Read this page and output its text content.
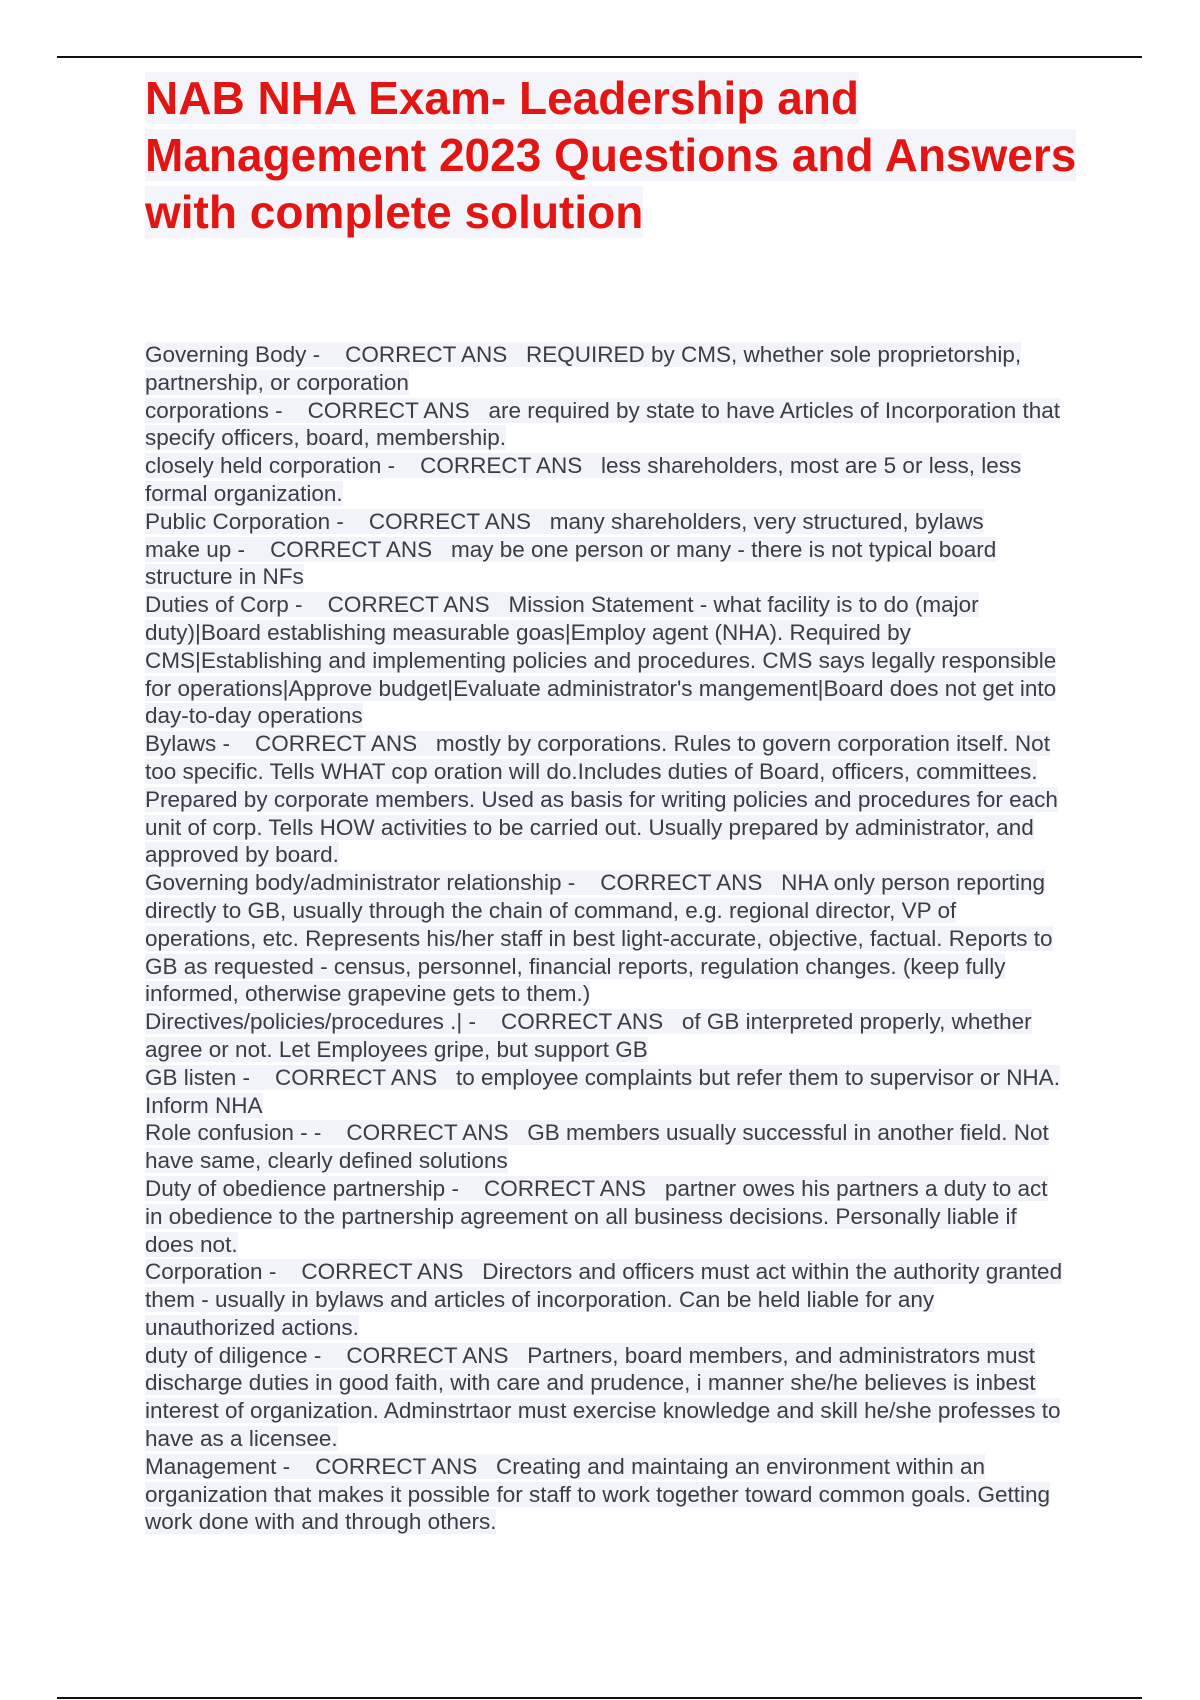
NAB NHA Exam- Leadership and Management 2023 Questions and Answers with complete solution

Governing Body - CORRECT ANS REQUIRED by CMS, whether sole proprietorship, partnership, or corporation

corporations - CORRECT ANS are required by state to have Articles of Incorporation that specify officers, board, membership.

closely held corporation - CORRECT ANS less shareholders, most are 5 or less, less formal organization.

Public Corporation - CORRECT ANS many shareholders, very structured, bylaws

make up - CORRECT ANS may be one person or many - there is not typical board structure in NFs

Duties of Corp - CORRECT ANS Mission Statement - what facility is to do (major duty)|Board establishing measurable goas|Employ agent (NHA). Required by CMS|Establishing and implementing policies and procedures. CMS says legally responsible for operations|Approve budget|Evaluate administrator's mangement|Board does not get into day-to-day operations

Bylaws - CORRECT ANS mostly by corporations. Rules to govern corporation itself. Not too specific. Tells WHAT cop oration will do.Includes duties of Board, officers, committees. Prepared by corporate members. Used as basis for writing policies and procedures for each unit of corp. Tells HOW activities to be carried out. Usually prepared by administrator, and approved by board.

Governing body/administrator relationship - CORRECT ANS NHA only person reporting directly to GB, usually through the chain of command, e.g. regional director, VP of operations, etc. Represents his/her staff in best light-accurate, objective, factual. Reports to GB as requested - census, personnel, financial reports, regulation changes. (keep fully informed, otherwise grapevine gets to them.)

Directives/policies/procedures .| - CORRECT ANS of GB interpreted properly, whether agree or not. Let Employees gripe, but support GB

GB listen - CORRECT ANS to employee complaints but refer them to supervisor or NHA. Inform NHA

Role confusion - - CORRECT ANS GB members usually successful in another field. Not have same, clearly defined solutions

Duty of obedience partnership - CORRECT ANS partner owes his partners a duty to act in obedience to the partnership agreement on all business decisions. Personally liable if does not.

Corporation - CORRECT ANS Directors and officers must act within the authority granted them - usually in bylaws and articles of incorporation. Can be held liable for any unauthorized actions.

duty of diligence - CORRECT ANS Partners, board members, and administrators must discharge duties in good faith, with care and prudence, i manner she/he believes is inbest interest of organization. Adminstrtaor must exercise knowledge and skill he/she professes to have as a licensee.

Management - CORRECT ANS Creating and maintaing an environment within an organization that makes it possible for staff to work together toward common goals. Getting work done with and through others.
